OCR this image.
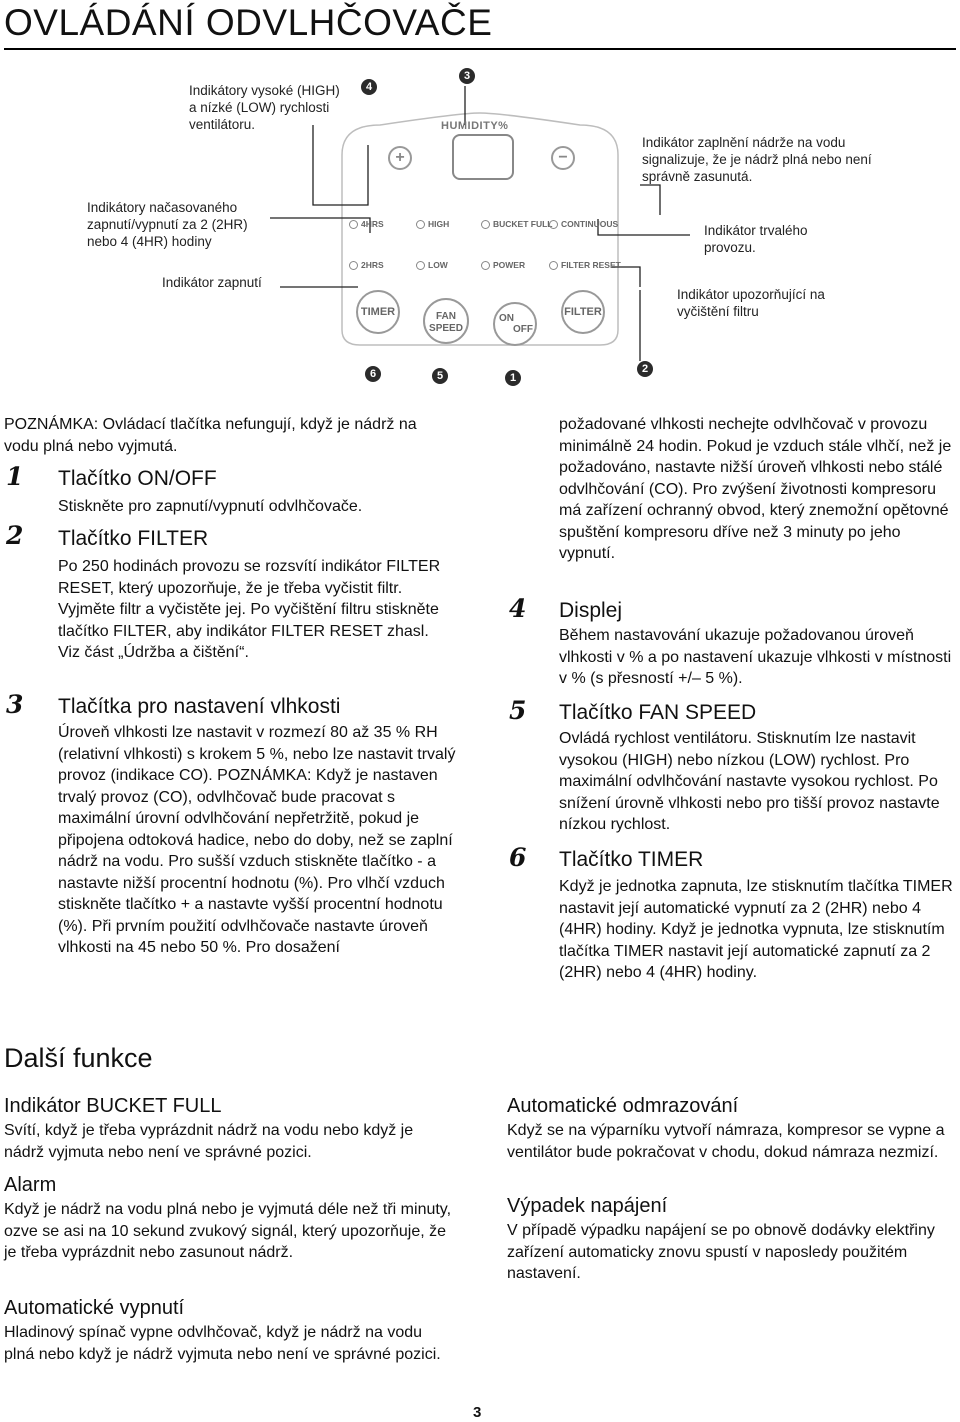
OVLÁDÁNÍ ODVLHČOVAČE
Indikátory vysoké (HIGH) a nízké (LOW) rychlosti ventilátoru.
Indikátory načasovaného zapnutí/vypnutí za 2 (2HR) nebo 4 (4HR) hodiny
Indikátor zapnutí
Indikátor zaplnění nádrže na vodu signalizuje, že je nádrž plná nebo není správně zasunutá.
Indikátor trvalého provozu.
Indikátor upozorňující na vyčištění filtru
4
3
6	5	1
2
HUMIDITY%
+	−
4HRS	HIGH	BUCKET FULL	CONTINUOUS
2HRS	LOW	POWER	FILTER RESET
TIMER	FAN
SPEED
ON
OFF
FILTER
POZNÁMKA: Ovládací tlačítka nefungují, když je nádrž na vodu plná nebo vyjmutá.
1 Tlačítko ON/OFF
Stiskněte pro zapnutí/vypnutí odvlhčovače.
2 Tlačítko FILTER
Po 250 hodinách provozu se rozsvítí indikátor FILTER RESET, který upozorňuje, že je třeba vyčistit filtr. Vyjměte filtr a vyčistěte jej. Po vyčištění filtru stiskněte tlačítko FILTER, aby indikátor FILTER RESET zhasl. Viz část „Údržba a čištění“.
3 Tlačítka pro nastavení vlhkosti
Úroveň vlhkosti lze nastavit v rozmezí 80 až 35 % RH (relativní vlhkosti) s krokem 5 %, nebo lze nastavit trvalý provoz (indikace CO). POZNÁMKA: Když je nastaven trvalý provoz (CO), odvlhčovač bude pracovat s maximální úrovní odvlhčování nepřetržitě, pokud je připojena odtoková hadice, nebo do doby, než se zaplní nádrž na vodu. Pro sušší vzduch stiskněte tlačítko - a nastavte nižší procentní hodnotu (%). Pro vlhčí vzduch stiskněte tlačítko + a nastavte vyšší procentní hodnotu (%). Při prvním použití odvlhčovače nastavte úroveň vlhkosti na 45 nebo 50 %. Pro dosažení
požadované vlhkosti nechejte odvlhčovač v provozu minimálně 24 hodin. Pokud je vzduch stále vlhčí, než je požadováno, nastavte nižší úroveň vlhkosti nebo stálé odvlhčování (CO). Pro zvýšení životnosti kompresoru má zařízení ochranný obvod, který znemožní opětovné spuštění kompresoru dříve než 3 minuty po jeho vypnutí.
4 Displej
Během nastavování ukazuje požadovanou úroveň vlhkosti v % a po nastavení ukazuje vlhkosti v místnosti v % (s přesností +/– 5 %).
5 Tlačítko FAN SPEED
Ovládá rychlost ventilátoru. Stisknutím lze nastavit vysokou (HIGH) nebo nízkou (LOW) rychlost. Pro maximální odvlhčování nastavte vysokou rychlost. Po snížení úrovně vlhkosti nebo pro tišší provoz nastavte nízkou rychlost.
6 Tlačítko TIMER
Když je jednotka zapnuta, lze stisknutím tlačítka TIMER nastavit její automatické vypnutí za 2 (2HR) nebo 4 (4HR) hodiny. Když je jednotka vypnuta, lze stisknutím tlačítka TIMER nastavit její automatické zapnutí za 2 (2HR) nebo 4 (4HR) hodiny.
Další funkce
Indikátor BUCKET FULL
Svítí, když je třeba vyprázdnit nádrž na vodu nebo když je nádrž vyjmuta nebo není ve správné pozici.
Alarm
Když je nádrž na vodu plná nebo je vyjmutá déle než tři minuty, ozve se asi na 10 sekund zvukový signál, který upozorňuje, že je třeba vyprázdnit nebo zasunout nádrž.
Automatické vypnutí
Hladinový spínač vypne odvlhčovač, když je nádrž na vodu plná nebo když je nádrž vyjmuta nebo není ve správné pozici.
Automatické odmrazování
Když se na výparníku vytvoří námraza, kompresor se vypne a ventilátor bude pokračovat v chodu, dokud námraza nezmizí.
Výpadek napájení
V případě výpadku napájení se po obnově dodávky elektřiny zařízení automaticky znovu spustí v naposledy použitém nastavení.
3
